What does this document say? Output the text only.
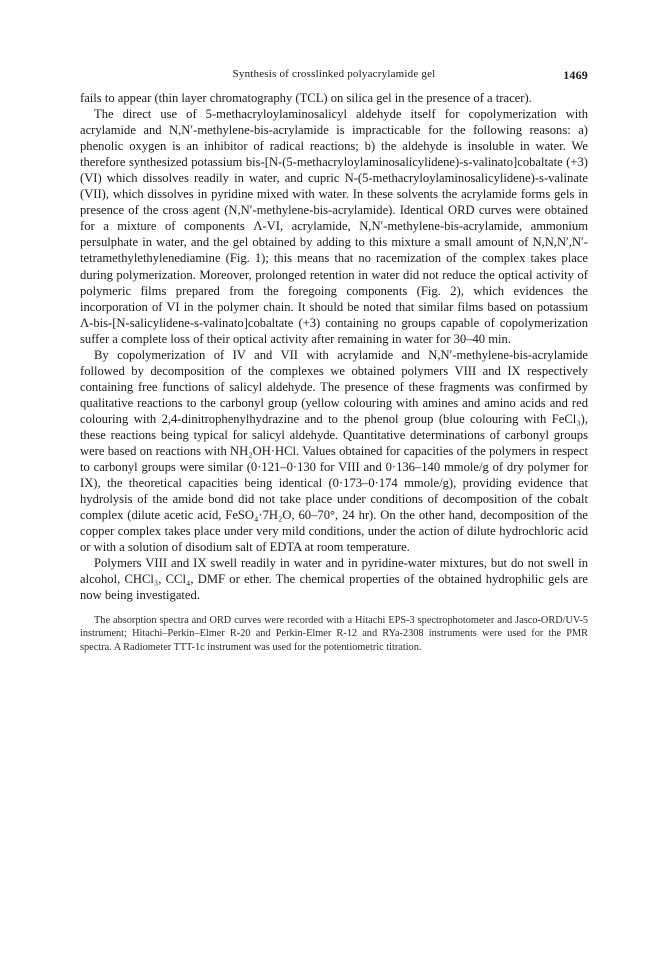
Synthesis of crosslinked polyacrylamide gel	1469

fails to appear (thin layer chromatography (TCL) on silica gel in the presence of a tracer).

The direct use of 5-methacryloylaminosalicyl aldehyde itself for copolymerization with acrylamide and N,N′-methylene-bis-acrylamide is impracticable for the following reasons: a) phenolic oxygen is an inhibitor of radical reactions; b) the aldehyde is insoluble in water. We therefore synthesized potassium bis-[N-(5-methacryloylaminosalicylidene)-s-valinato]cobaltate (+3) (VI) which dissolves readily in water, and cupric N-(5-methacryloylaminosalicylidene)-s-valinate (VII), which dissolves in pyridine mixed with water. In these solvents the acrylamide forms gels in presence of the cross agent (N,N′-methylene-bis-acrylamide). Identical ORD curves were obtained for a mixture of components Λ-VI, acrylamide, N,N′-methylene-bis-acrylamide, ammonium persulphate in water, and the gel obtained by adding to this mixture a small amount of N,N,N′,N′-tetramethylethylenediamine (Fig. 1); this means that no racemization of the complex takes place during polymerization. Moreover, prolonged retention in water did not reduce the optical activity of polymeric films prepared from the foregoing components (Fig. 2), which evidences the incorporation of VI in the polymer chain. It should be noted that similar films based on potassium Λ-bis-[N-salicylidene-s-valinato]cobaltate (+3) containing no groups capable of copolymerization suffer a complete loss of their optical activity after remaining in water for 30–40 min.

By copolymerization of IV and VII with acrylamide and N,N′-methylene-bis-acrylamide followed by decomposition of the complexes we obtained polymers VIII and IX respectively containing free functions of salicyl aldehyde. The presence of these fragments was confirmed by qualitative reactions to the carbonyl group (yellow colouring with amines and amino acids and red colouring with 2,4-dinitrophenylhydrazine and to the phenol group (blue colouring with FeCl₃), these reactions being typical for salicyl aldehyde. Quantitative determinations of carbonyl groups were based on reactions with NH₂OH·HCl. Values obtained for capacities of the polymers in respect to carbonyl groups were similar (0·121–0·130 for VIII and 0·136–140 mmole/g of dry polymer for IX), the theoretical capacities being identical (0·173–0·174 mmole/g), providing evidence that hydrolysis of the amide bond did not take place under conditions of decomposition of the cobalt complex (dilute acetic acid, FeSO₄·7H₂O, 60–70°, 24 hr). On the other hand, decomposition of the copper complex takes place under very mild conditions, under the action of dilute hydrochloric acid or with a solution of disodium salt of EDTA at room temperature.

Polymers VIII and IX swell readily in water and in pyridine-water mixtures, but do not swell in alcohol, CHCl₃, CCl₄, DMF or ether. The chemical properties of the obtained hydrophilic gels are now being investigated.

The absorption spectra and ORD curves were recorded with a Hitachi EPS-3 spectrophotometer and Jasco-ORD/UV-5 instrument; Hitachi–Perkin–Elmer R-20 and Perkin-Elmer R-12 and RYa-2308 instruments were used for the PMR spectra. A Radiometer TTT-1c instrument was used for the potentiometric titration.
